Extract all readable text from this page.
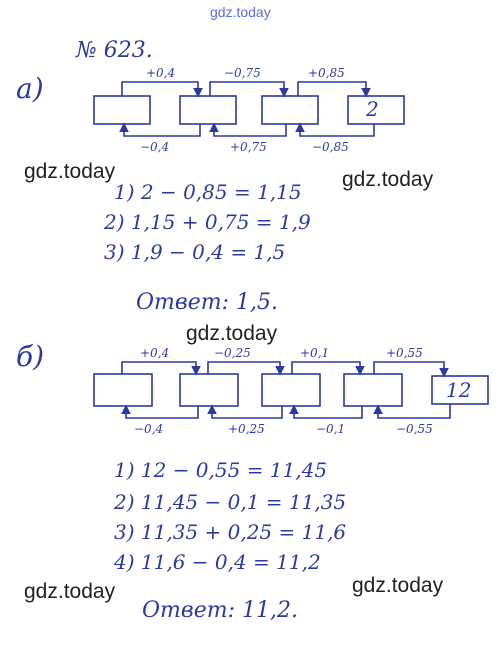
gdz.today
gdz.today	gdz.today
gdz.today
gdz.today	gdz.today
№ 623.
а)	+0,4	−0,75	+0,85
−0,4	+0,75	−0,85
2
1) 2 − 0,85 = 1,15
2) 1,15 + 0,75 = 1,9
3) 1,9 − 0,4 = 1,5
Ответ: 1,5.
б)	+0,4	−0,25	+0,1	+0,55
−0,4	+0,25	−0,1	−0,55
12
1) 12 − 0,55 = 11,45
2) 11,45 − 0,1 = 11,35
3) 11,35 + 0,25 = 11,6
4) 11,6 − 0,4 = 11,2
Ответ: 11,2.
